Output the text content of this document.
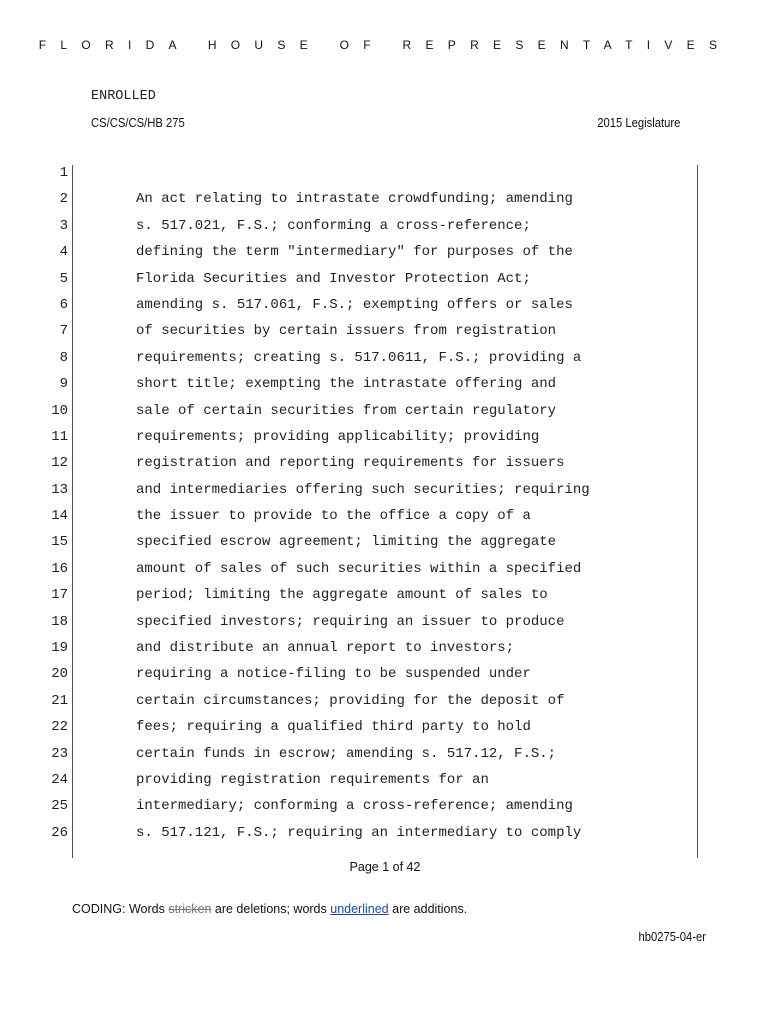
FLORIDA HOUSE OF REPRESENTATIVES
ENROLLED
CS/CS/CS/HB 275	2015 Legislature
1
2	An act relating to intrastate crowdfunding; amending
3	s. 517.021, F.S.; conforming a cross-reference;
4	defining the term "intermediary" for purposes of the
5	Florida Securities and Investor Protection Act;
6	amending s. 517.061, F.S.; exempting offers or sales
7	of securities by certain issuers from registration
8	requirements; creating s. 517.0611, F.S.; providing a
9	short title; exempting the intrastate offering and
10	sale of certain securities from certain regulatory
11	requirements; providing applicability; providing
12	registration and reporting requirements for issuers
13	and intermediaries offering such securities; requiring
14	the issuer to provide to the office a copy of a
15	specified escrow agreement; limiting the aggregate
16	amount of sales of such securities within a specified
17	period; limiting the aggregate amount of sales to
18	specified investors; requiring an issuer to produce
19	and distribute an annual report to investors;
20	requiring a notice-filing to be suspended under
21	certain circumstances; providing for the deposit of
22	fees; requiring a qualified third party to hold
23	certain funds in escrow; amending s. 517.12, F.S.;
24	providing registration requirements for an
25	intermediary; conforming a cross-reference; amending
26	s. 517.121, F.S.; requiring an intermediary to comply
Page 1 of 42
CODING: Words stricken are deletions; words underlined are additions.
hb0275-04-er
